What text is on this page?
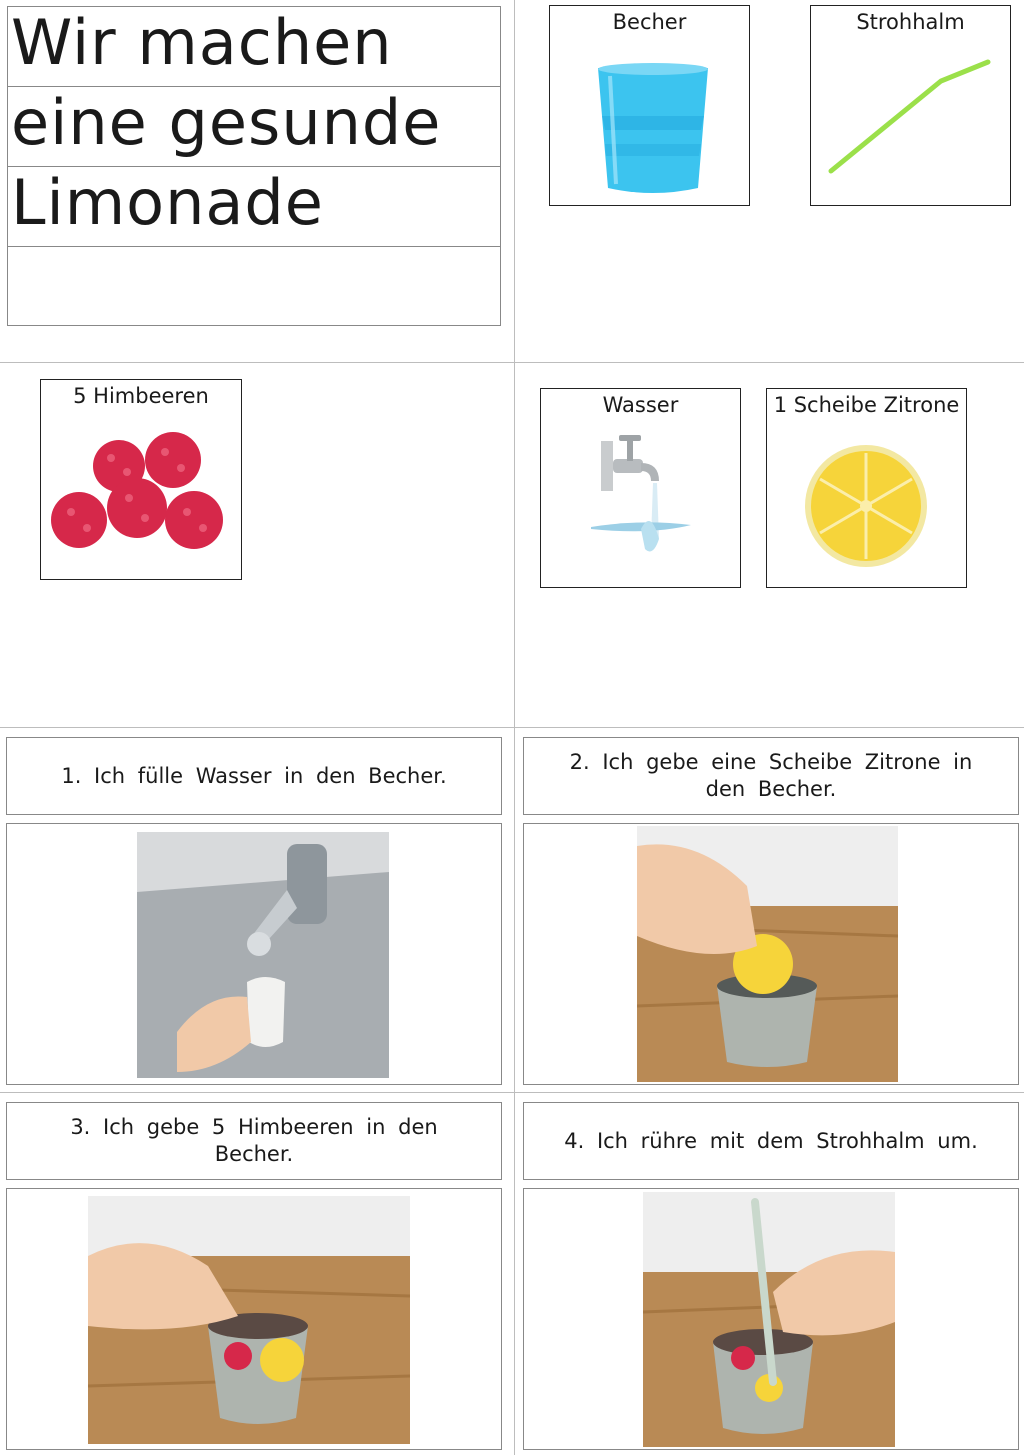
Wir machen
eine gesunde
Limonade
Becher	Strohhalm
5 Himbeeren	Wasser	1 Scheibe Zitrone
1. Ich fülle Wasser in den Becher.
2. Ich gebe eine Scheibe Zitrone in den Becher.
3. Ich gebe 5 Himbeeren in den Becher.
4. Ich rühre mit dem Strohhalm um.
